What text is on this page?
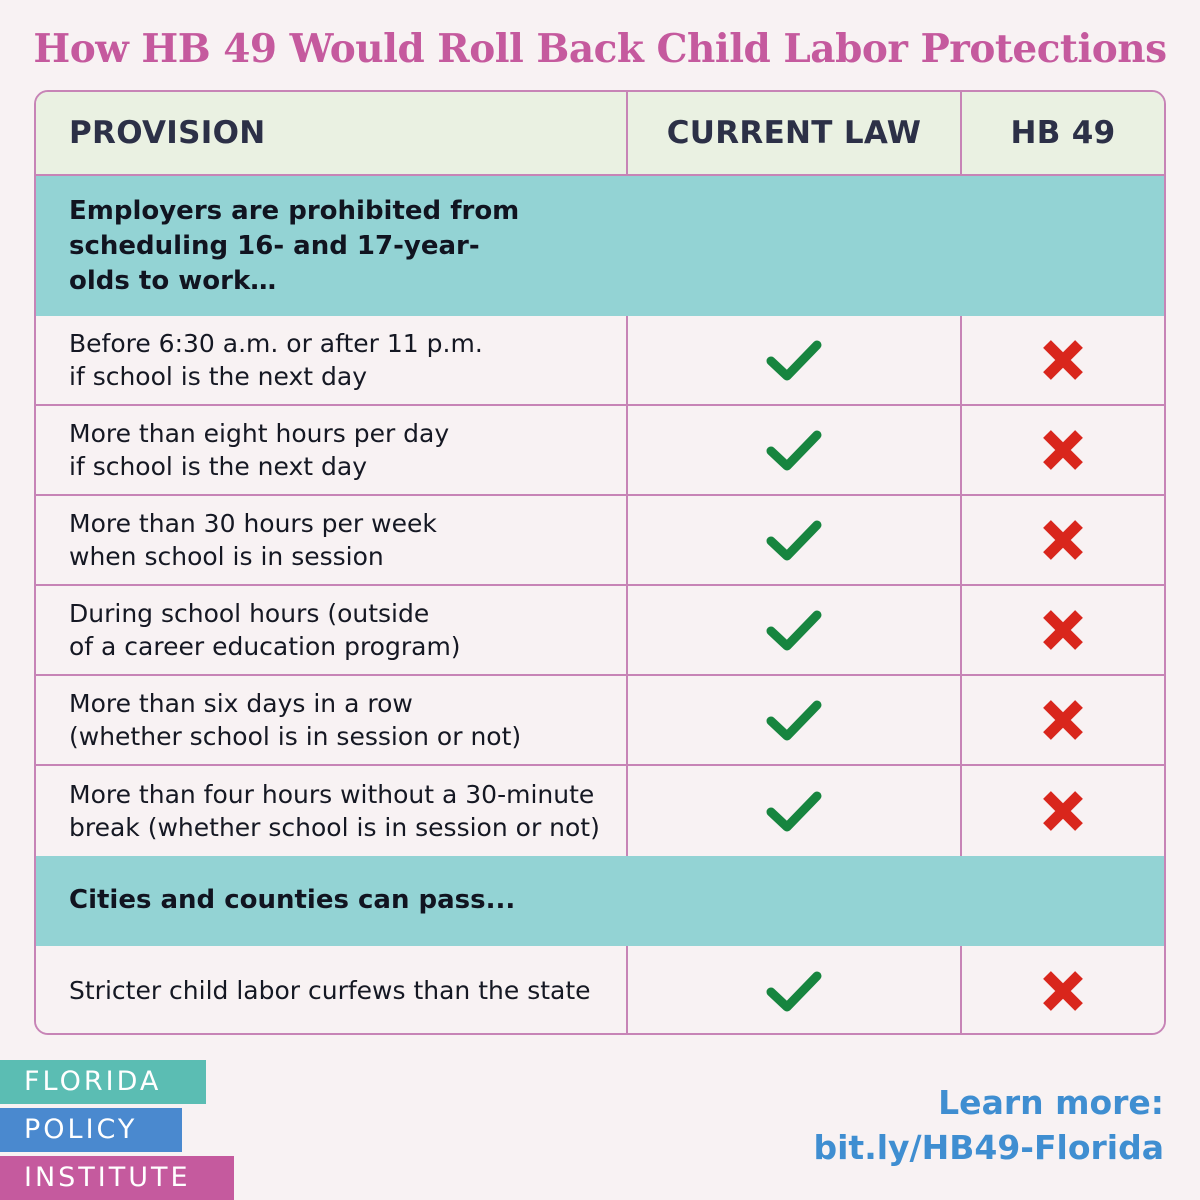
How HB 49 Would Roll Back Child Labor Protections
PROVISION	CURRENT LAW	HB 49
Employers are prohibited from
scheduling 16- and 17-year-
olds to work…
Before 6:30 a.m. or after 11 p.m.
if school is the next day
More than eight hours per day
if school is the next day
More than 30 hours per week
when school is in session
During school hours (outside
of a career education program)
More than six days in a row
(whether school is in session or not)
More than four hours without a 30-minute
break (whether school is in session or not)
Cities and counties can pass...
Stricter child labor curfews than the state
FLORIDA
POLICY
INSTITUTE
Learn more:
bit.ly/HB49-Florida
